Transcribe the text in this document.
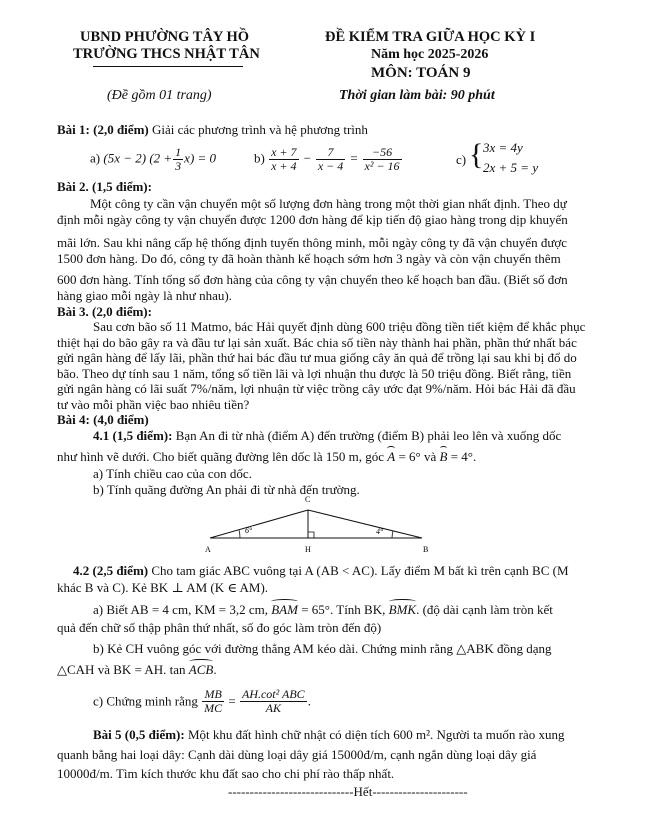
UBND PHƯỜNG TÂY HỒ
TRƯỜNG THCS NHẬT TÂN
(Đề gồm 01 trang)
ĐỀ KIỂM TRA GIỮA HỌC KỲ I
Năm học 2025-2026
MÔN: TOÁN 9
Thời gian làm bài: 90 phút
Bài 1: (2,0 điểm) Giải các phương trình và hệ phương trình
a) (5x − 2) $(2 + \frac{1}{3} x) = 0$	$b) \frac{x + 7}{x + 4} - \frac{7}{x - 4} = \frac{-56}{\text{x² − 16}}$	c) { 3x = 4y
2x + 5 = y
Bài 2. (1,5 điểm):
Một công ty cần vận chuyển một số lượng đơn hàng trong một thời gian nhất định. Theo dự
định mỗi ngày công ty vận chuyển được 1200 đơn hàng để kịp tiến độ giao hàng trong dịp khuyến
mãi lớn. Sau khi nâng cấp hệ thống định tuyến thông minh, mỗi ngày công ty đã vận chuyển được
1500 đơn hàng. Do đó, công ty đã hoàn thành kế hoạch sớm hơn 3 ngày và còn vận chuyển thêm
600 đơn hàng. Tính tổng số đơn hàng của công ty vận chuyển theo kế hoạch ban đầu. (Biết số đơn
hàng giao mỗi ngày là như nhau).
Bài 3. (2,0 điểm):
Sau cơn bão số 11 Matmo, bác Hải quyết định dùng 600 triệu đồng tiền tiết kiệm để khắc phục
thiệt hại do bão gây ra và đầu tư lại sản xuất. Bác chia số tiền này thành hai phần, phần thứ nhất bác
gửi ngân hàng để lấy lãi, phần thứ hai bác đầu tư mua giống cây ăn quả để trồng lại sau khi bị đổ do
bão. Theo dự tính sau 1 năm, tổng số tiền lãi và lợi nhuận thu được là 50 triệu đồng. Biết rằng, tiền
gửi ngân hàng có lãi suất 7%/năm, lợi nhuận từ việc trồng cây ước đạt 9%/năm. Hỏi bác Hải đã đầu
tư vào mỗi phần việc bao nhiêu tiền?
Bài 4: (4,0 điểm)
4.1 (1,5 điểm): Bạn An đi từ nhà (điểm A) đến trường (điểm B) phải leo lên và xuống dốc
như hình vẽ dưới. Cho biết quãng đường lên dốc là 150 m, góc A = 6° và B = 4°.
a) Tính chiều cao của con dốc.
b) Tính quãng đường An phải đi từ nhà đến trường.
A	B
C
H
6°	4°
4.2 (2,5 điểm) Cho tam giác ABC vuông tại A (AB < AC). Lấy điểm M bất kì trên cạnh BC (M
khác B và C). Kẻ BK ⊥ AM (K ∈ AM).
a) Biết AB = 4 cm, KM = 3,2 cm, BAM = 65°. Tính BK, BMK. (độ dài cạnh làm tròn kết
quả đến chữ số thập phân thứ nhất, số đo góc làm tròn đến độ)
b) Kẻ CH vuông góc với đường thẳng AM kéo dài. Chứng minh rằng △ABK đồng dạng
△CAH và BK = AH. tan ACB.
c) Chứng minh rằng $\frac{MB}{MC} = \frac{\text{AH.cot² ABC}}{AK}$ .
Bài 5 (0,5 điểm): Một khu đất hình chữ nhật có diện tích 600 m². Người ta muốn rào xung
quanh bằng hai loại dây: Cạnh dài dùng loại dây giá 15000đ/m, cạnh ngắn dùng loại dây giá
10000đ/m. Tìm kích thước khu đất sao cho chi phí rào thấp nhất.
-----------------------------Hết----------------------
